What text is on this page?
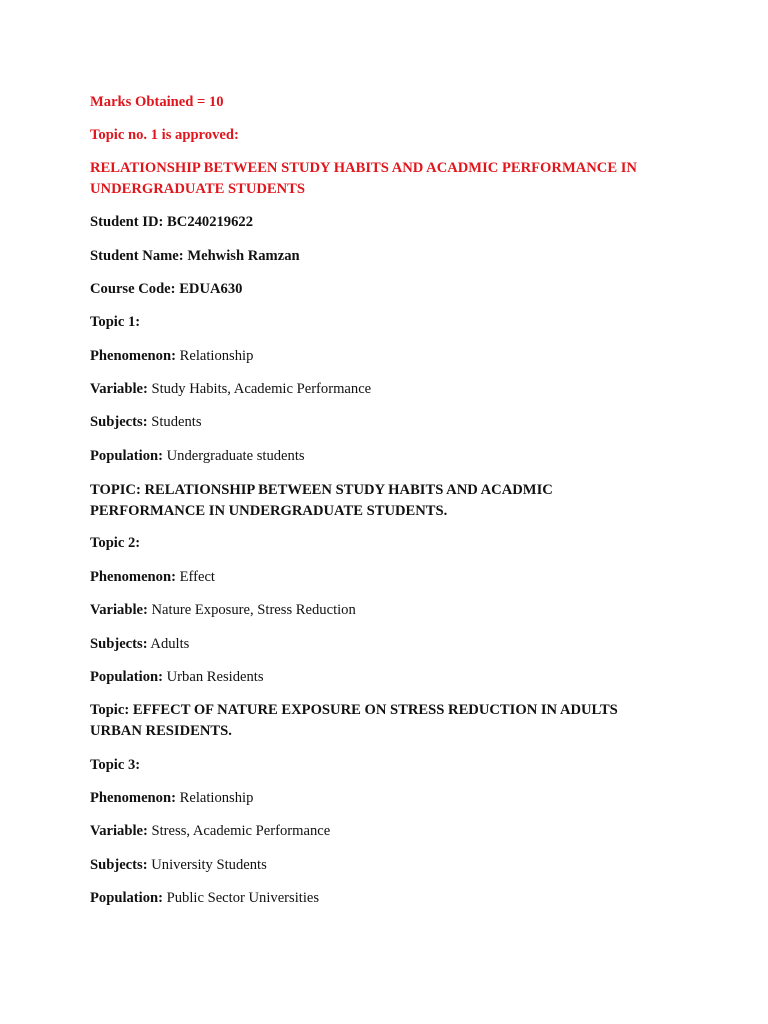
Marks Obtained = 10
Topic no. 1 is approved:
RELATIONSHIP BETWEEN STUDY HABITS AND ACADMIC PERFORMANCE IN UNDERGRADUATE STUDENTS
Student ID: BC240219622
Student Name: Mehwish Ramzan
Course Code: EDUA630
Topic 1:
Phenomenon: Relationship
Variable: Study Habits, Academic Performance
Subjects: Students
Population: Undergraduate students
TOPIC: RELATIONSHIP BETWEEN STUDY HABITS AND ACADMIC PERFORMANCE IN UNDERGRADUATE STUDENTS.
Topic 2:
Phenomenon: Effect
Variable: Nature Exposure, Stress Reduction
Subjects: Adults
Population: Urban Residents
Topic: EFFECT OF NATURE EXPOSURE ON STRESS REDUCTION IN ADULTS URBAN RESIDENTS.
Topic 3:
Phenomenon: Relationship
Variable: Stress, Academic Performance
Subjects: University Students
Population: Public Sector Universities
